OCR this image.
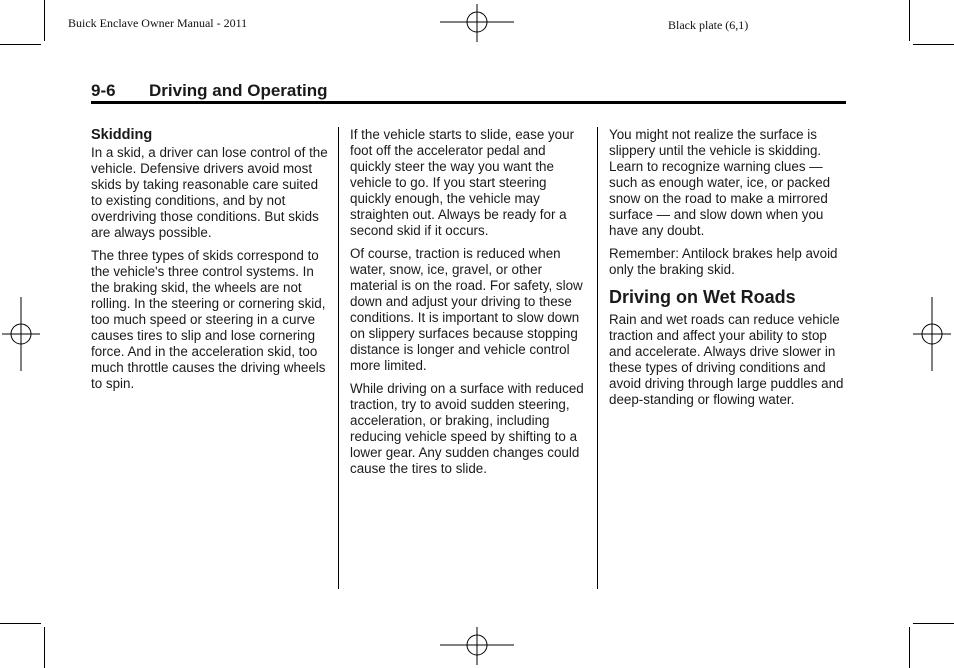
Buick Enclave Owner Manual - 2011	Black plate (6,1)
9-6 Driving and Operating
Skidding

In a skid, a driver can lose control of the vehicle. Defensive drivers avoid most skids by taking reasonable care suited to existing conditions, and by not overdriving those conditions. But skids are always possible.

The three types of skids correspond to the vehicle's three control systems. In the braking skid, the wheels are not rolling. In the steering or cornering skid, too much speed or steering in a curve causes tires to slip and lose cornering force. And in the acceleration skid, too much throttle causes the driving wheels to spin.

If the vehicle starts to slide, ease your foot off the accelerator pedal and quickly steer the way you want the vehicle to go. If you start steering quickly enough, the vehicle may straighten out. Always be ready for a second skid if it occurs.

Of course, traction is reduced when water, snow, ice, gravel, or other material is on the road. For safety, slow down and adjust your driving to these conditions. It is important to slow down on slippery surfaces because stopping distance is longer and vehicle control more limited.

While driving on a surface with reduced traction, try to avoid sudden steering, acceleration, or braking, including reducing vehicle speed by shifting to a lower gear. Any sudden changes could cause the tires to slide.

You might not realize the surface is slippery until the vehicle is skidding. Learn to recognize warning clues — such as enough water, ice, or packed snow on the road to make a mirrored surface — and slow down when you have any doubt.

Remember: Antilock brakes help avoid only the braking skid.

Driving on Wet Roads

Rain and wet roads can reduce vehicle traction and affect your ability to stop and accelerate. Always drive slower in these types of driving conditions and avoid driving through large puddles and deep-standing or flowing water.
